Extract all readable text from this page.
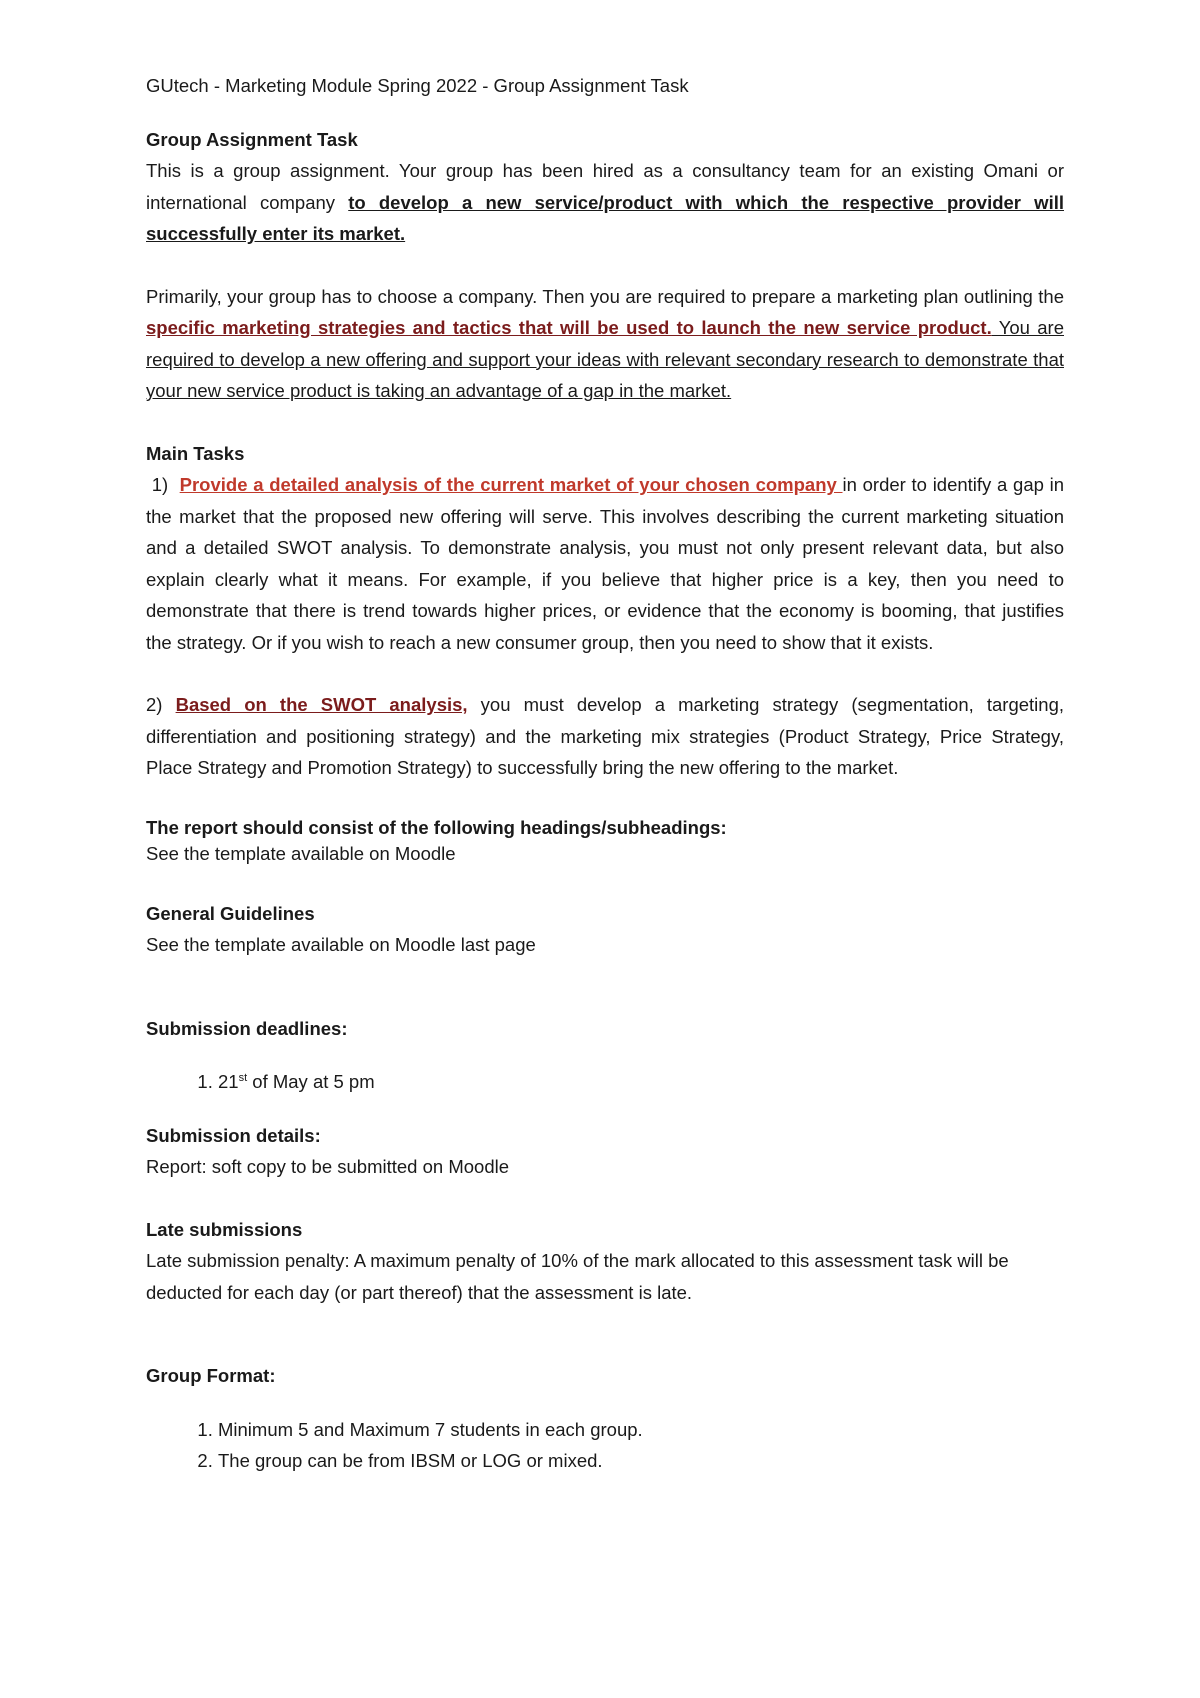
GUtech - Marketing Module Spring 2022 - Group Assignment Task

Group Assignment Task

This is a group assignment. Your group has been hired as a consultancy team for an existing Omani or international company to develop a new service/product with which the respective provider will successfully enter its market.

Primarily, your group has to choose a company. Then you are required to prepare a marketing plan outlining the specific marketing strategies and tactics that will be used to launch the new service product. You are required to develop a new offering and support your ideas with relevant secondary research to demonstrate that your new service product is taking an advantage of a gap in the market.

Main Tasks

1) Provide a detailed analysis of the current market of your chosen company in order to identify a gap in the market that the proposed new offering will serve. This involves describing the current marketing situation and a detailed SWOT analysis. To demonstrate analysis, you must not only present relevant data, but also explain clearly what it means. For example, if you believe that higher price is a key, then you need to demonstrate that there is trend towards higher prices, or evidence that the economy is booming, that justifies the strategy. Or if you wish to reach a new consumer group, then you need to show that it exists.

2) Based on the SWOT analysis, you must develop a marketing strategy (segmentation, targeting, differentiation and positioning strategy) and the marketing mix strategies (Product Strategy, Price Strategy, Place Strategy and Promotion Strategy) to successfully bring the new offering to the market.

The report should consist of the following headings/subheadings:

See the template available on Moodle

General Guidelines

See the template available on Moodle last page

Submission deadlines:

1. 21st of May at 5 pm

Submission details:

Report: soft copy to be submitted on Moodle

Late submissions

Late submission penalty: A maximum penalty of 10% of the mark allocated to this assessment task will be deducted for each day (or part thereof) that the assessment is late.

Group Format:

1. Minimum 5 and Maximum 7 students in each group.
2. The group can be from IBSM or LOG or mixed.
